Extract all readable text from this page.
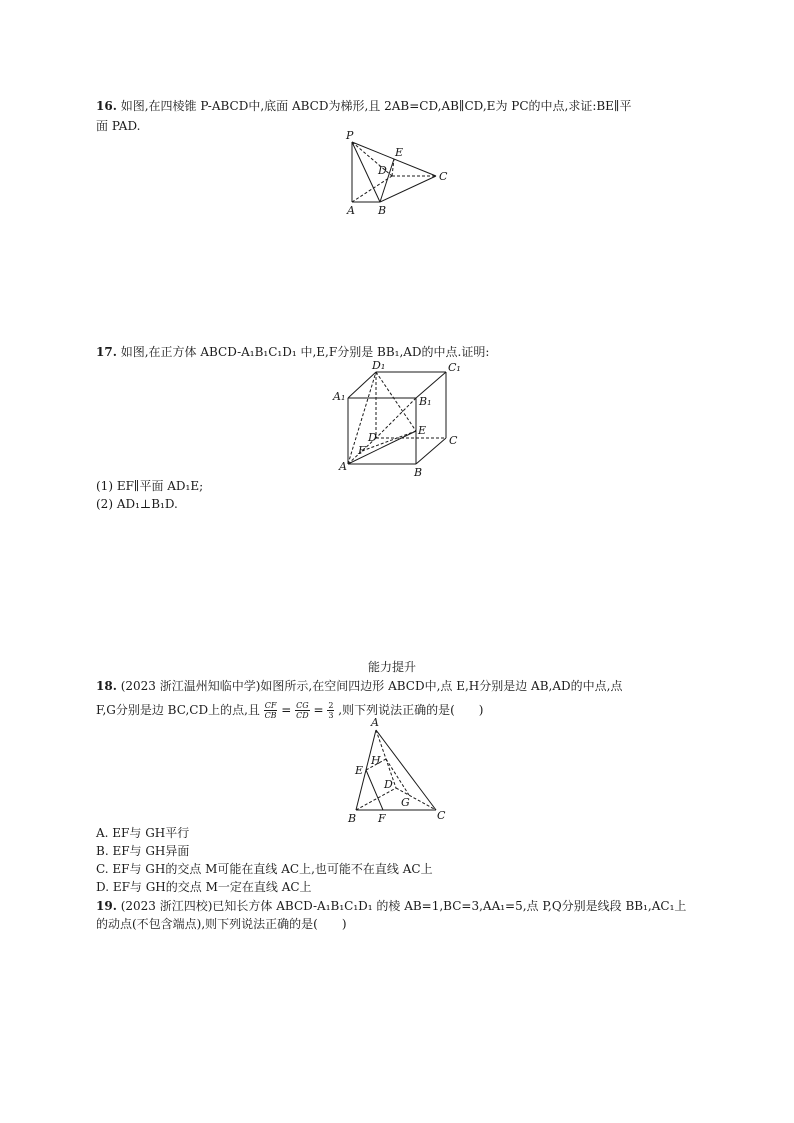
16. 如图,在四棱锥 P-ABCD中,底面 ABCD为梯形,且 2AB=CD,AB∥CD,E为 PC的中点,求证:BE∥平
面 PAD.
P
E
D	C
A B
17. 如图,在正方体 ABCD-A₁B₁C₁D₁ 中,E,F分别是 BB₁,AD的中点.证明:
D₁	C₁
A₁	B₁
D
E
C
F
A	B
(1) EF∥平面 AD₁E;
(2) AD₁⊥B₁D.
能力提升
18. (2023 浙江温州知临中学)如图所示,在空间四边形 ABCD中,点 E,H分别是边 AB,AD的中点,点
F,G分别是边 BC,CD上的点,且 $\frac{CF}{CB} = \frac{CG}{CD} = \frac{2}{3}$ ,则下列说法正确的是(　　)
A
H
E
D
G
B F	C
A. EF与 GH平行
B. EF与 GH异面
C. EF与 GH的交点 M可能在直线 AC上,也可能不在直线 AC上
D. EF与 GH的交点 M一定在直线 AC上
19. (2023 浙江四校)已知长方体 ABCD-A₁B₁C₁D₁ 的棱 AB=1,BC=3,AA₁=5,点 P,Q分别是线段 BB₁,AC₁上
的动点(不包含端点),则下列说法正确的是(　　)
